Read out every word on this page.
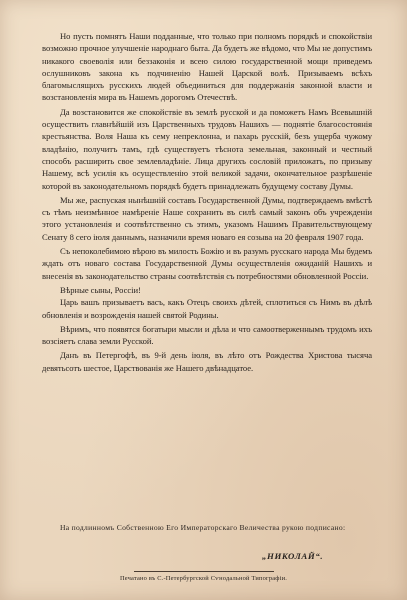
Но пусть помнятъ Наши подданные, что только при полномъ порядкѣ и спокойствіи возможно прочное улучшеніе народнаго быта. Да будетъ же вѣдомо, что Мы не допустимъ никакого своеволія или беззаконія и всею силою государственной мощи приведемъ ослушниковъ закона къ подчиненію Нашей Царской волѣ. Призываемъ всѣхъ благомыслящихъ русскихъ людей объединиться для поддержанія законной власти и возстановленія мира въ Нашемъ дорогомъ Отечествѣ.

Да возстановится же спокойствіе въ землѣ русской и да поможетъ Намъ Всевышній осуществить главнѣйшій изъ Царственныхъ трудовъ Нашихъ — поднятіе благосостоянія крестьянства. Воля Наша къ сему непреклонна, и пахарь русскій, безъ ущерба чужому владѣнію, получитъ тамъ, гдѣ существуетъ тѣснота земельная, законный и честный способъ расширить свое землевладѣніе. Лица другихъ сословій приложатъ, по призыву Нашему, всѣ усилія къ осуществленію этой великой задачи, окончательное разрѣшеніе которой въ законодательномъ порядкѣ будетъ принадлежать будущему составу Думы.

Мы же, распуская нынѣшній составъ Государственной Думы, подтверждаемъ вмѣстѣ съ тѣмъ неизмѣнное намѣреніе Наше сохранить въ силѣ самый законъ объ учрежденіи этого установленія и соотвѣтственно съ этимъ, указомъ Нашимъ Правительствующему Сенату 8 сего іюля даннымъ, назначили время новаго ея созыва на 20 февраля 1907 года.

Съ непоколебимою вѣрою въ милость Божію и въ разумъ русскаго народа Мы будемъ ждать отъ новаго состава Государственной Думы осуществленія ожиданій Нашихъ и внесенія въ законодательство страны соотвѣтствія съ потребностями обновленной Россіи.

Вѣрные сыны, Россіи!

Царь вашъ призываетъ васъ, какъ Отецъ своихъ дѣтей, сплотиться съ Нимъ въ дѣлѣ обновленія и возрожденія нашей святой Родины.

Вѣримъ, что появятся богатыри мысли и дѣла и что самоотверженнымъ трудомъ ихъ возсіяетъ слава земли Русской.

Данъ въ Петергофѣ, въ 9-й день іюля, въ лѣто отъ Рождества Христова тысяча девятьсотъ шестое, Царствованія же Нашего двѣнадцатое.

На подлинномъ Собственною Его Императорскаго Величества рукою подписано:
„НИКОЛАЙ“.
Печатано въ С.-Петербургской Сѵнодальной Типографіи.
